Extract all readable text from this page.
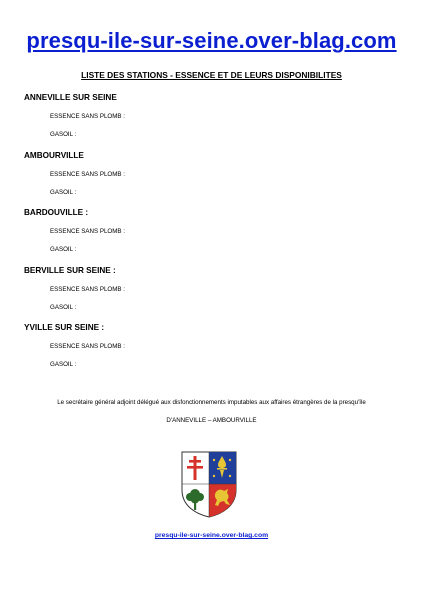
presqu-ile-sur-seine.over-blag.com
LISTE DES STATIONS - ESSENCE ET DE LEURS DISPONIBILITES
ANNEVILLE SUR SEINE
ESSENCE SANS PLOMB :
GASOIL :
AMBOURVILLE
ESSENCE SANS PLOMB :
GASOIL :
BARDOUVILLE :
ESSENCE SANS PLOMB :
GASOIL :
BERVILLE SUR SEINE :
ESSENCE SANS PLOMB :
GASOIL :
YVILLE SUR SEINE :
ESSENCE SANS PLOMB :
GASOIL :
Le secrétaire général adjoint délégué aux disfonctionnements imputables aux affaires étrangères de la presqu'île
D'ANNEVILLE – AMBOURVILLE
presqu-ile-sur-seine.over-blag.com
